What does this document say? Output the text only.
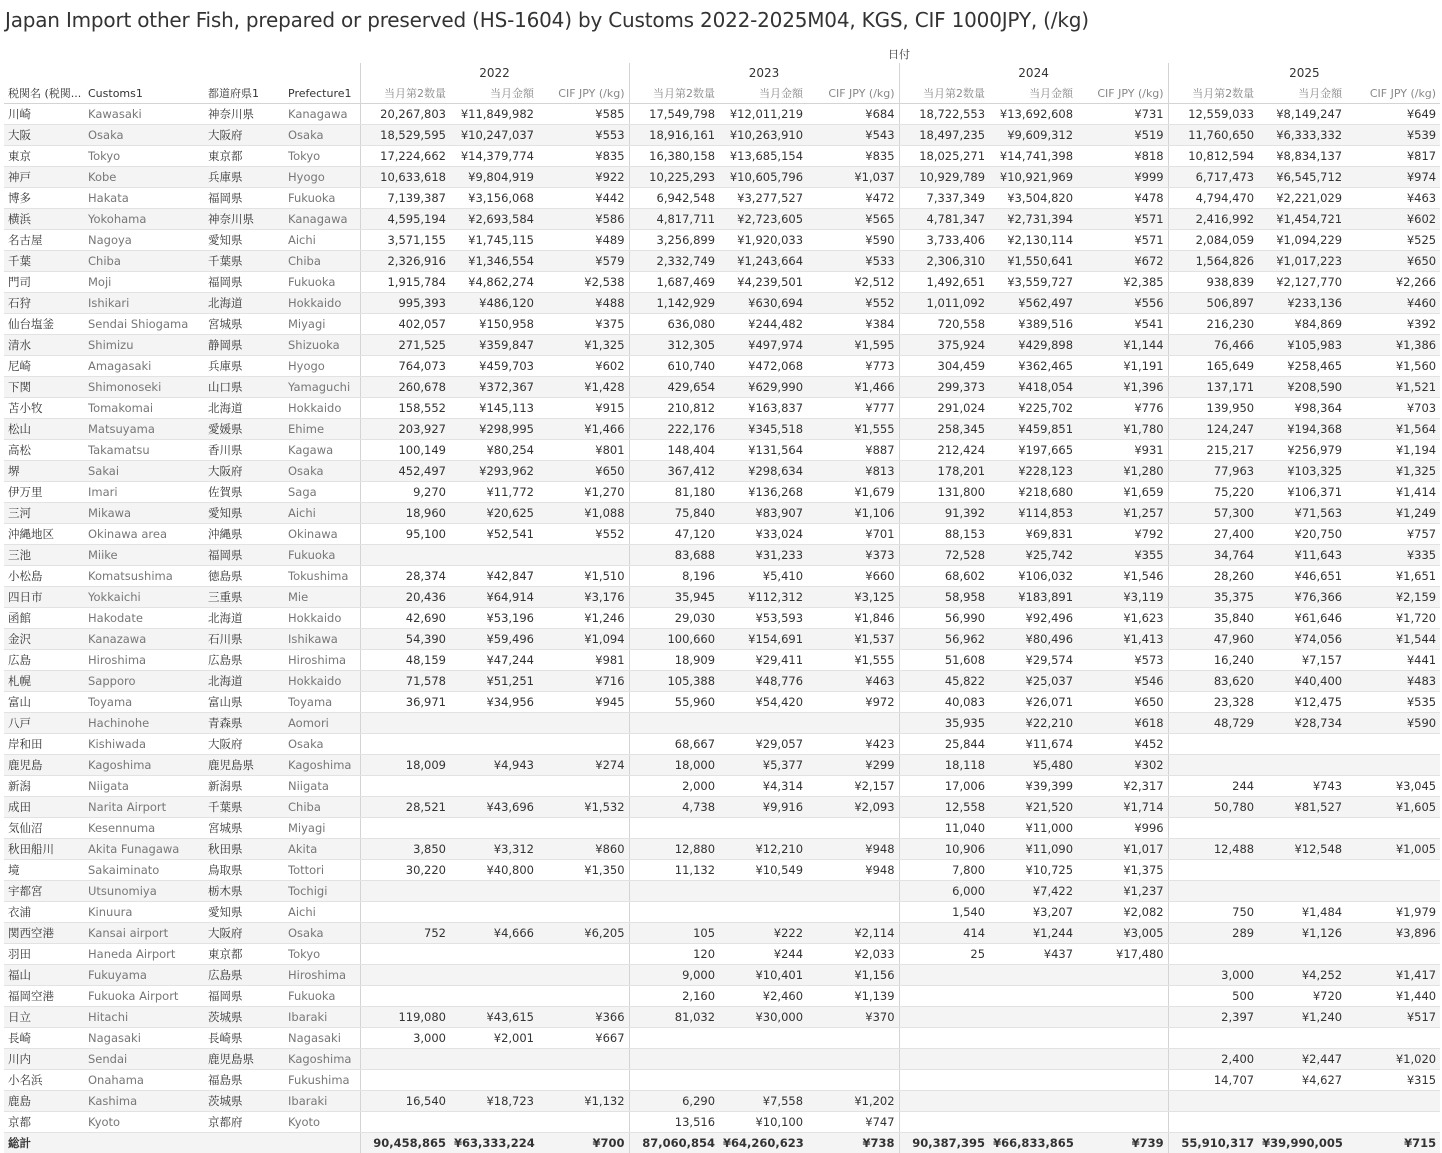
Japan Import other Fish, prepared or preserved (HS-1604) by Customs 2022-2025M04, KGS, CIF 1000JPY, (/kg)
日付
				2022			2023			2024			2025		
税関名 (税関...	Customs1	都道府県1	Prefecture1	当月第2数量	当月金額	CIF JPY (/kg)	当月第2数量	当月金額	CIF JPY (/kg)	当月第2数量	当月金額	CIF JPY (/kg)	当月第2数量	当月金額	CIF JPY (/kg)
川崎	Kawasaki	神奈川県	Kanagawa	20,267,803	¥11,849,982	¥585	17,549,798	¥12,011,219	¥684	18,722,553	¥13,692,608	¥731	12,559,033	¥8,149,247	¥649
大阪	Osaka	大阪府	Osaka	18,529,595	¥10,247,037	¥553	18,916,161	¥10,263,910	¥543	18,497,235	¥9,609,312	¥519	11,760,650	¥6,333,332	¥539
東京	Tokyo	東京都	Tokyo	17,224,662	¥14,379,774	¥835	16,380,158	¥13,685,154	¥835	18,025,271	¥14,741,398	¥818	10,812,594	¥8,834,137	¥817
神戸	Kobe	兵庫県	Hyogo	10,633,618	¥9,804,919	¥922	10,225,293	¥10,605,796	¥1,037	10,929,789	¥10,921,969	¥999	6,717,473	¥6,545,712	¥974
博多	Hakata	福岡県	Fukuoka	7,139,387	¥3,156,068	¥442	6,942,548	¥3,277,527	¥472	7,337,349	¥3,504,820	¥478	4,794,470	¥2,221,029	¥463
横浜	Yokohama	神奈川県	Kanagawa	4,595,194	¥2,693,584	¥586	4,817,711	¥2,723,605	¥565	4,781,347	¥2,731,394	¥571	2,416,992	¥1,454,721	¥602
名古屋	Nagoya	愛知県	Aichi	3,571,155	¥1,745,115	¥489	3,256,899	¥1,920,033	¥590	3,733,406	¥2,130,114	¥571	2,084,059	¥1,094,229	¥525
千葉	Chiba	千葉県	Chiba	2,326,916	¥1,346,554	¥579	2,332,749	¥1,243,664	¥533	2,306,310	¥1,550,641	¥672	1,564,826	¥1,017,223	¥650
門司	Moji	福岡県	Fukuoka	1,915,784	¥4,862,274	¥2,538	1,687,469	¥4,239,501	¥2,512	1,492,651	¥3,559,727	¥2,385	938,839	¥2,127,770	¥2,266
石狩	Ishikari	北海道	Hokkaido	995,393	¥486,120	¥488	1,142,929	¥630,694	¥552	1,011,092	¥562,497	¥556	506,897	¥233,136	¥460
仙台塩釜	Sendai Shiogama	宮城県	Miyagi	402,057	¥150,958	¥375	636,080	¥244,482	¥384	720,558	¥389,516	¥541	216,230	¥84,869	¥392
清水	Shimizu	静岡県	Shizuoka	271,525	¥359,847	¥1,325	312,305	¥497,974	¥1,595	375,924	¥429,898	¥1,144	76,466	¥105,983	¥1,386
尼崎	Amagasaki	兵庫県	Hyogo	764,073	¥459,703	¥602	610,740	¥472,068	¥773	304,459	¥362,465	¥1,191	165,649	¥258,465	¥1,560
下関	Shimonoseki	山口県	Yamaguchi	260,678	¥372,367	¥1,428	429,654	¥629,990	¥1,466	299,373	¥418,054	¥1,396	137,171	¥208,590	¥1,521
苫小牧	Tomakomai	北海道	Hokkaido	158,552	¥145,113	¥915	210,812	¥163,837	¥777	291,024	¥225,702	¥776	139,950	¥98,364	¥703
松山	Matsuyama	愛媛県	Ehime	203,927	¥298,995	¥1,466	222,176	¥345,518	¥1,555	258,345	¥459,851	¥1,780	124,247	¥194,368	¥1,564
高松	Takamatsu	香川県	Kagawa	100,149	¥80,254	¥801	148,404	¥131,564	¥887	212,424	¥197,665	¥931	215,217	¥256,979	¥1,194
堺	Sakai	大阪府	Osaka	452,497	¥293,962	¥650	367,412	¥298,634	¥813	178,201	¥228,123	¥1,280	77,963	¥103,325	¥1,325
伊万里	Imari	佐賀県	Saga	9,270	¥11,772	¥1,270	81,180	¥136,268	¥1,679	131,800	¥218,680	¥1,659	75,220	¥106,371	¥1,414
三河	Mikawa	愛知県	Aichi	18,960	¥20,625	¥1,088	75,840	¥83,907	¥1,106	91,392	¥114,853	¥1,257	57,300	¥71,563	¥1,249
沖縄地区	Okinawa area	沖縄県	Okinawa	95,100	¥52,541	¥552	47,120	¥33,024	¥701	88,153	¥69,831	¥792	27,400	¥20,750	¥757
三池	Miike	福岡県	Fukuoka				83,688	¥31,233	¥373	72,528	¥25,742	¥355	34,764	¥11,643	¥335
小松島	Komatsushima	徳島県	Tokushima	28,374	¥42,847	¥1,510	8,196	¥5,410	¥660	68,602	¥106,032	¥1,546	28,260	¥46,651	¥1,651
四日市	Yokkaichi	三重県	Mie	20,436	¥64,914	¥3,176	35,945	¥112,312	¥3,125	58,958	¥183,891	¥3,119	35,375	¥76,366	¥2,159
函館	Hakodate	北海道	Hokkaido	42,690	¥53,196	¥1,246	29,030	¥53,593	¥1,846	56,990	¥92,496	¥1,623	35,840	¥61,646	¥1,720
金沢	Kanazawa	石川県	Ishikawa	54,390	¥59,496	¥1,094	100,660	¥154,691	¥1,537	56,962	¥80,496	¥1,413	47,960	¥74,056	¥1,544
広島	Hiroshima	広島県	Hiroshima	48,159	¥47,244	¥981	18,909	¥29,411	¥1,555	51,608	¥29,574	¥573	16,240	¥7,157	¥441
札幌	Sapporo	北海道	Hokkaido	71,578	¥51,251	¥716	105,388	¥48,776	¥463	45,822	¥25,037	¥546	83,620	¥40,400	¥483
富山	Toyama	富山県	Toyama	36,971	¥34,956	¥945	55,960	¥54,420	¥972	40,083	¥26,071	¥650	23,328	¥12,475	¥535
八戸	Hachinohe	青森県	Aomori							35,935	¥22,210	¥618	48,729	¥28,734	¥590
岸和田	Kishiwada	大阪府	Osaka				68,667	¥29,057	¥423	25,844	¥11,674	¥452			
鹿児島	Kagoshima	鹿児島県	Kagoshima	18,009	¥4,943	¥274	18,000	¥5,377	¥299	18,118	¥5,480	¥302			
新潟	Niigata	新潟県	Niigata				2,000	¥4,314	¥2,157	17,006	¥39,399	¥2,317	244	¥743	¥3,045
成田	Narita Airport	千葉県	Chiba	28,521	¥43,696	¥1,532	4,738	¥9,916	¥2,093	12,558	¥21,520	¥1,714	50,780	¥81,527	¥1,605
気仙沼	Kesennuma	宮城県	Miyagi							11,040	¥11,000	¥996			
秋田船川	Akita Funagawa	秋田県	Akita	3,850	¥3,312	¥860	12,880	¥12,210	¥948	10,906	¥11,090	¥1,017	12,488	¥12,548	¥1,005
境	Sakaiminato	鳥取県	Tottori	30,220	¥40,800	¥1,350	11,132	¥10,549	¥948	7,800	¥10,725	¥1,375			
宇都宮	Utsunomiya	栃木県	Tochigi							6,000	¥7,422	¥1,237			
衣浦	Kinuura	愛知県	Aichi							1,540	¥3,207	¥2,082	750	¥1,484	¥1,979
関西空港	Kansai airport	大阪府	Osaka	752	¥4,666	¥6,205	105	¥222	¥2,114	414	¥1,244	¥3,005	289	¥1,126	¥3,896
羽田	Haneda Airport	東京都	Tokyo				120	¥244	¥2,033	25	¥437	¥17,480			
福山	Fukuyama	広島県	Hiroshima				9,000	¥10,401	¥1,156				3,000	¥4,252	¥1,417
福岡空港	Fukuoka Airport	福岡県	Fukuoka				2,160	¥2,460	¥1,139				500	¥720	¥1,440
日立	Hitachi	茨城県	Ibaraki	119,080	¥43,615	¥366	81,032	¥30,000	¥370				2,397	¥1,240	¥517
長崎	Nagasaki	長崎県	Nagasaki	3,000	¥2,001	¥667									
川内	Sendai	鹿児島県	Kagoshima										2,400	¥2,447	¥1,020
小名浜	Onahama	福島県	Fukushima										14,707	¥4,627	¥315
鹿島	Kashima	茨城県	Ibaraki	16,540	¥18,723	¥1,132	6,290	¥7,558	¥1,202						
京都	Kyoto	京都府	Kyoto				13,516	¥10,100	¥747						
総計				90,458,865	¥63,333,224	¥700	87,060,854	¥64,260,623	¥738	90,387,395	¥66,833,865	¥739	55,910,317	¥39,990,005	¥715
